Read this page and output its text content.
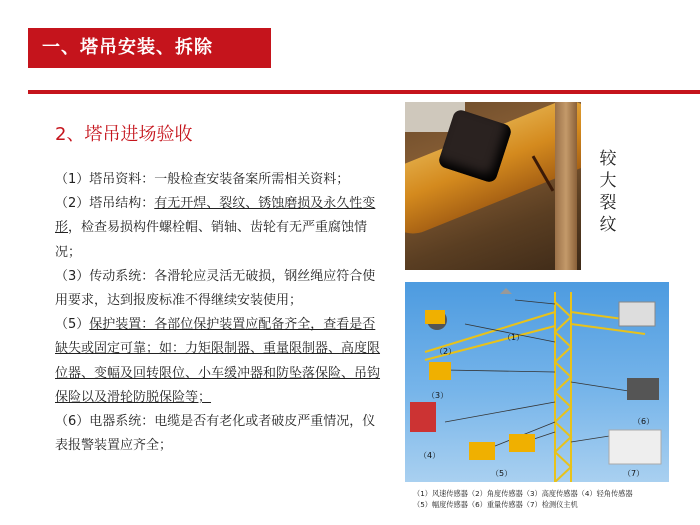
一、塔吊安装、拆除
2、塔吊进场验收

（1）塔吊资料：一般检查安装备案所需相关资料；

（2）塔吊结构：有无开焊、裂纹、锈蚀磨损及永久性变形，检查易损构件螺栓帽、销轴、齿轮有无严重腐蚀情况；

（3）传动系统：各滑轮应灵活无破损，钢丝绳应符合使用要求，达到报废标准不得继续安装使用；

（5）保护装置：各部位保护装置应配备齐全，查看是否缺失或固定可靠；如：力矩限制器、重量限制器、高度限位器、变幅及回转限位、小车缓冲器和防坠落保险、吊钩保险以及滑轮防脱保险等；

（6）电器系统：电缆是否有老化或者破皮严重情况，仪表报警装置应齐全；

较大裂纹
（1）
（2）
（3）
（4）
（5）
（6）
（7）
（1）风速传感器（2）角度传感器（3）高度传感器（4）轻角传感器
（5）幅度传感器（6）重量传感器（7）检测仪主机
